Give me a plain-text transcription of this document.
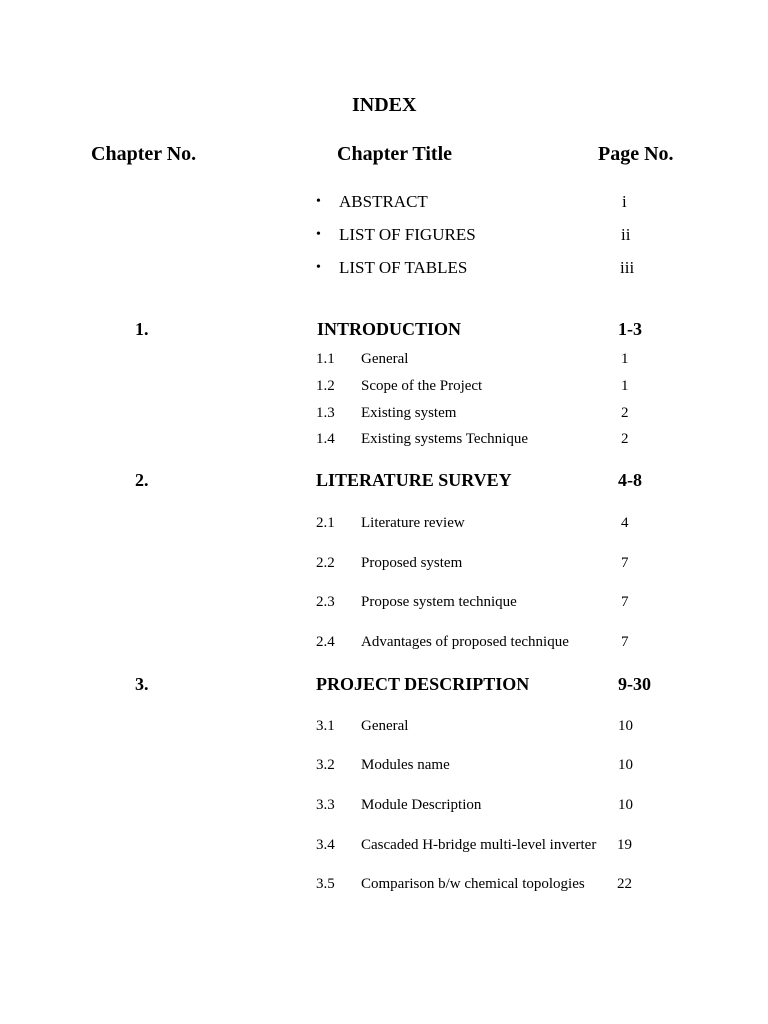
INDEX
Chapter No.	Chapter Title	Page No.
• ABSTRACT	i
• LIST OF FIGURES	ii
• LIST OF TABLES	iii
1.	INTRODUCTION	1-3
1.1 General	1
1.2 Scope of the Project	1
1.3 Existing system	2
1.4 Existing systems Technique	2
2.	LITERATURE SURVEY	4-8
2.1 Literature review	4
2.2 Proposed system	7
2.3 Propose system technique	7
2.4 Advantages of proposed technique	7
3.	PROJECT DESCRIPTION	9-30
3.1 General	10
3.2 Modules name	10
3.3 Module Description	10
3.4 Cascaded H-bridge multi-level inverter 19
3.5 Comparison b/w chemical topologies 22
